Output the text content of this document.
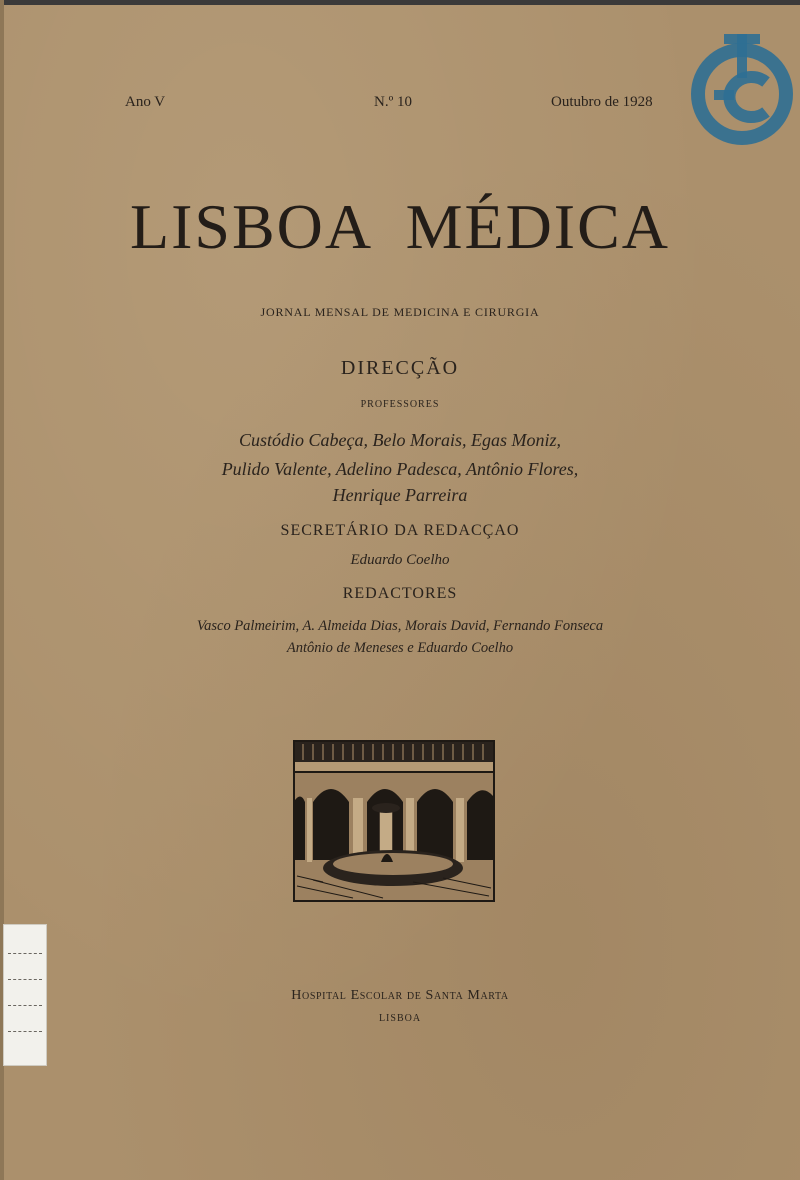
Ano V	N.º 10	Outubro de 1928
LISBOA  MÉDICA
JORNAL MENSAL DE MEDICINA E CIRURGIA
DIRECÇÃO
PROFESSORES
Custódio Cabeça, Belo Morais, Egas Moniz,
Pulido Valente, Adelino Padesca, Antônio Flores,
Henrique Parreira
SECRETÁRIO DA REDACÇAO
Eduardo Coelho
REDACTORES
Vasco Palmeirim, A. Almeida Dias, Morais David, Fernando Fonseca
Antônio de Meneses e Eduardo Coelho
Hospital Escolar de Santa Marta
LISBOA
